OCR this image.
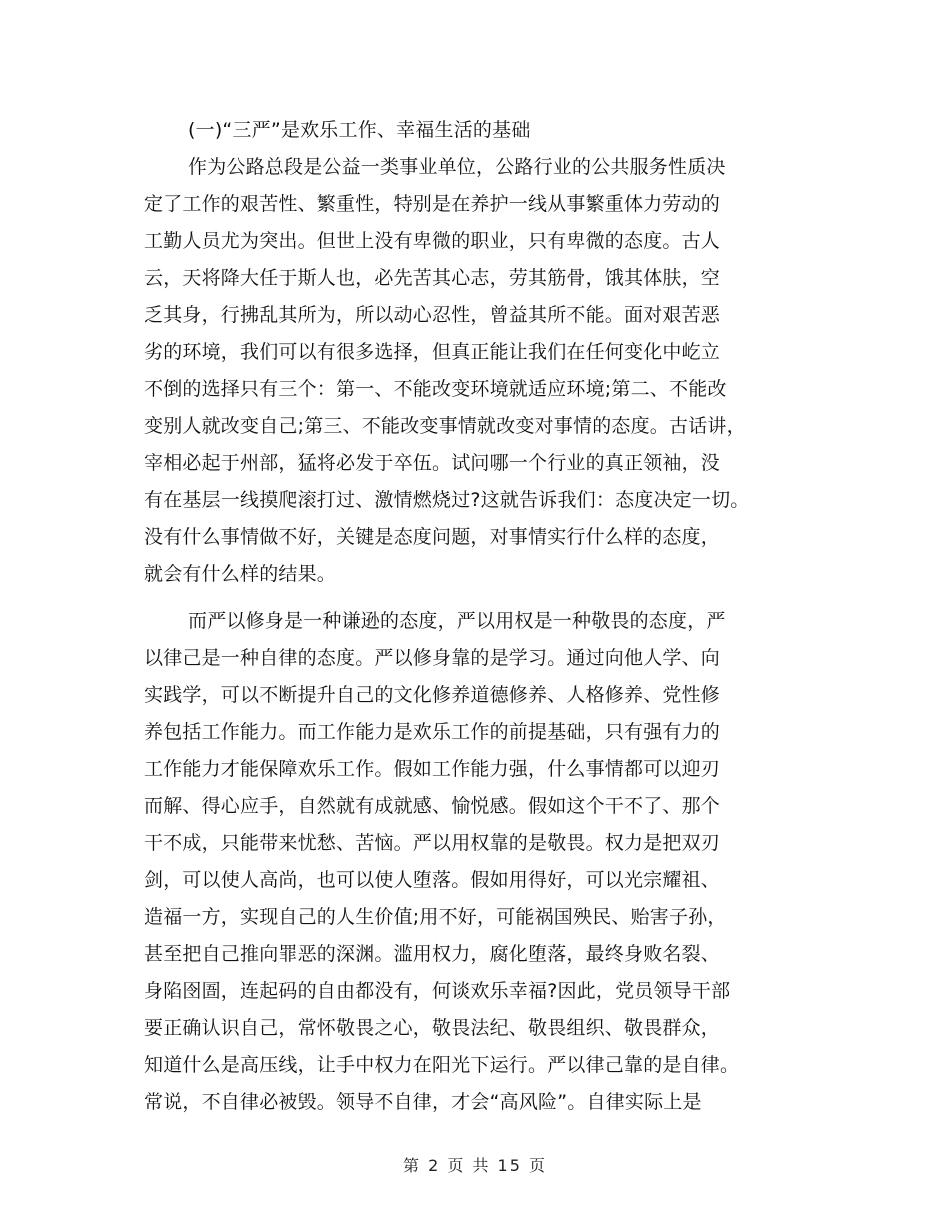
(一)“三严”是欢乐工作、幸福生活的基础
作为公路总段是公益一类事业单位，公路行业的公共服务性质决
定了工作的艰苦性、繁重性，特别是在养护一线从事繁重体力劳动的
工勤人员尤为突出。但世上没有卑微的职业，只有卑微的态度。古人
云，天将降大任于斯人也，必先苦其心志，劳其筋骨，饿其体肤，空
乏其身，行拂乱其所为，所以动心忍性，曾益其所不能。面对艰苦恶
劣的环境，我们可以有很多选择，但真正能让我们在任何变化中屹立
不倒的选择只有三个：第一、不能改变环境就适应环境;第二、不能改
变别人就改变自己;第三、不能改变事情就改变对事情的态度。古话讲，
宰相必起于州部，猛将必发于卒伍。试问哪一个行业的真正领袖，没
有在基层一线摸爬滚打过、激情燃烧过?这就告诉我们：态度决定一切。
没有什么事情做不好，关键是态度问题，对事情实行什么样的态度，
就会有什么样的结果。
而严以修身是一种谦逊的态度，严以用权是一种敬畏的态度，严
以律己是一种自律的态度。严以修身靠的是学习。通过向他人学、向
实践学，可以不断提升自己的文化修养道德修养、人格修养、党性修
养包括工作能力。而工作能力是欢乐工作的前提基础，只有强有力的
工作能力才能保障欢乐工作。假如工作能力强，什么事情都可以迎刃
而解、得心应手，自然就有成就感、愉悦感。假如这个干不了、那个
干不成，只能带来忧愁、苦恼。严以用权靠的是敬畏。权力是把双刃
剑，可以使人高尚，也可以使人堕落。假如用得好，可以光宗耀祖、
造福一方，实现自己的人生价值;用不好，可能祸国殃民、贻害子孙，
甚至把自己推向罪恶的深渊。滥用权力，腐化堕落，最终身败名裂、
身陷囹圄，连起码的自由都没有，何谈欢乐幸福?因此，党员领导干部
要正确认识自己，常怀敬畏之心，敬畏法纪、敬畏组织、敬畏群众，
知道什么是高压线，让手中权力在阳光下运行。严以律己靠的是自律。
常说，不自律必被毁。领导不自律，才会“高风险”。自律实际上是
第 2 页 共 15 页
